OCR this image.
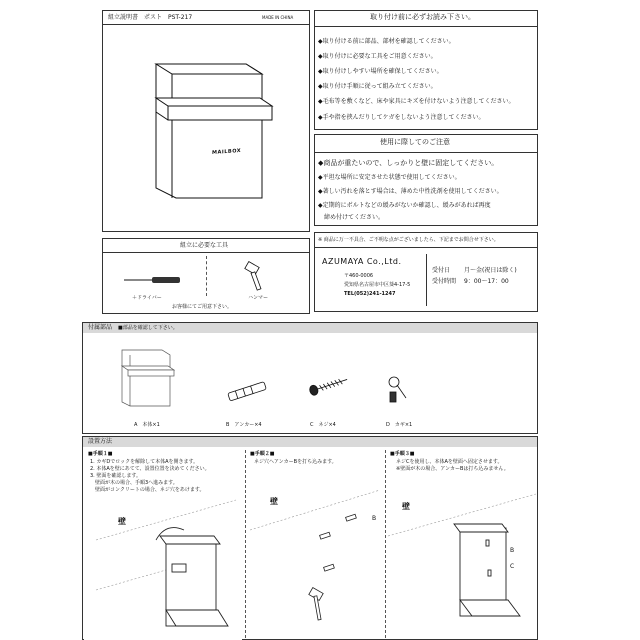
組立説明書　ポスト　PST-217	MADE IN CHINA
MAILBOX
組立に必要な工具
＋ドライバー	ハンマー
お客様にてご用意下さい。
取り付け前に必ずお読み下さい。
◆取り付ける前に部品、部材を確認してください。
◆取り付けに必要な工具をご用意ください。
◆取り付けしやすい場所を確保してください。
◆取り付け手順に従って組み立てください。
◆毛布等を敷くなど、床や家具にキズを付けないよう注意してください。
◆手や指を挟んだりしてケガをしないよう注意してください。
使用に際してのご注意
◆商品が重たいので、しっかりと壁に固定してください。
◆平坦な場所に安定させた状態で使用してください。
◆著しい汚れを落とす場合は、薄めた中性洗剤を使用してください。
◆定期的にボルトなどの緩みがないか確認し、緩みがあれば再度
　締め付けてください。
※ 商品に万一不具合、ご不明な点がございましたら、下記までお問合せ下さい。
AZUMAYA Co.,Ltd.
〒460-0006
愛知県名古屋市中区葵4-17-5
TEL(052)241-1247
受付日 月～金(祝日は除く)
受付時間 9：00～17：00
付属部品 ■部品を確認して下さい。
A　本体×1	B　アンカー×4	C　ネジ×4	D　カギ×1
設置方法
■手順１■
1. カギDでロックを解除して本体Aを開きます。
2. 本体Aを壁にあてて、設置位置を決めてください。
3. 壁面を確認します。
　壁面が木の場合、手順3へ進みます。
　壁面がコンクリートの場合、ネジ穴をあけます。
壁
■手順２■
ネジ穴へアンカーBを打ち込みます。
壁
B
■手順３■
ネジCを使用し、本体Aを壁面へ固定させます。
※壁面が木の場合、アンカーBは打ち込みません。
壁
B
C
